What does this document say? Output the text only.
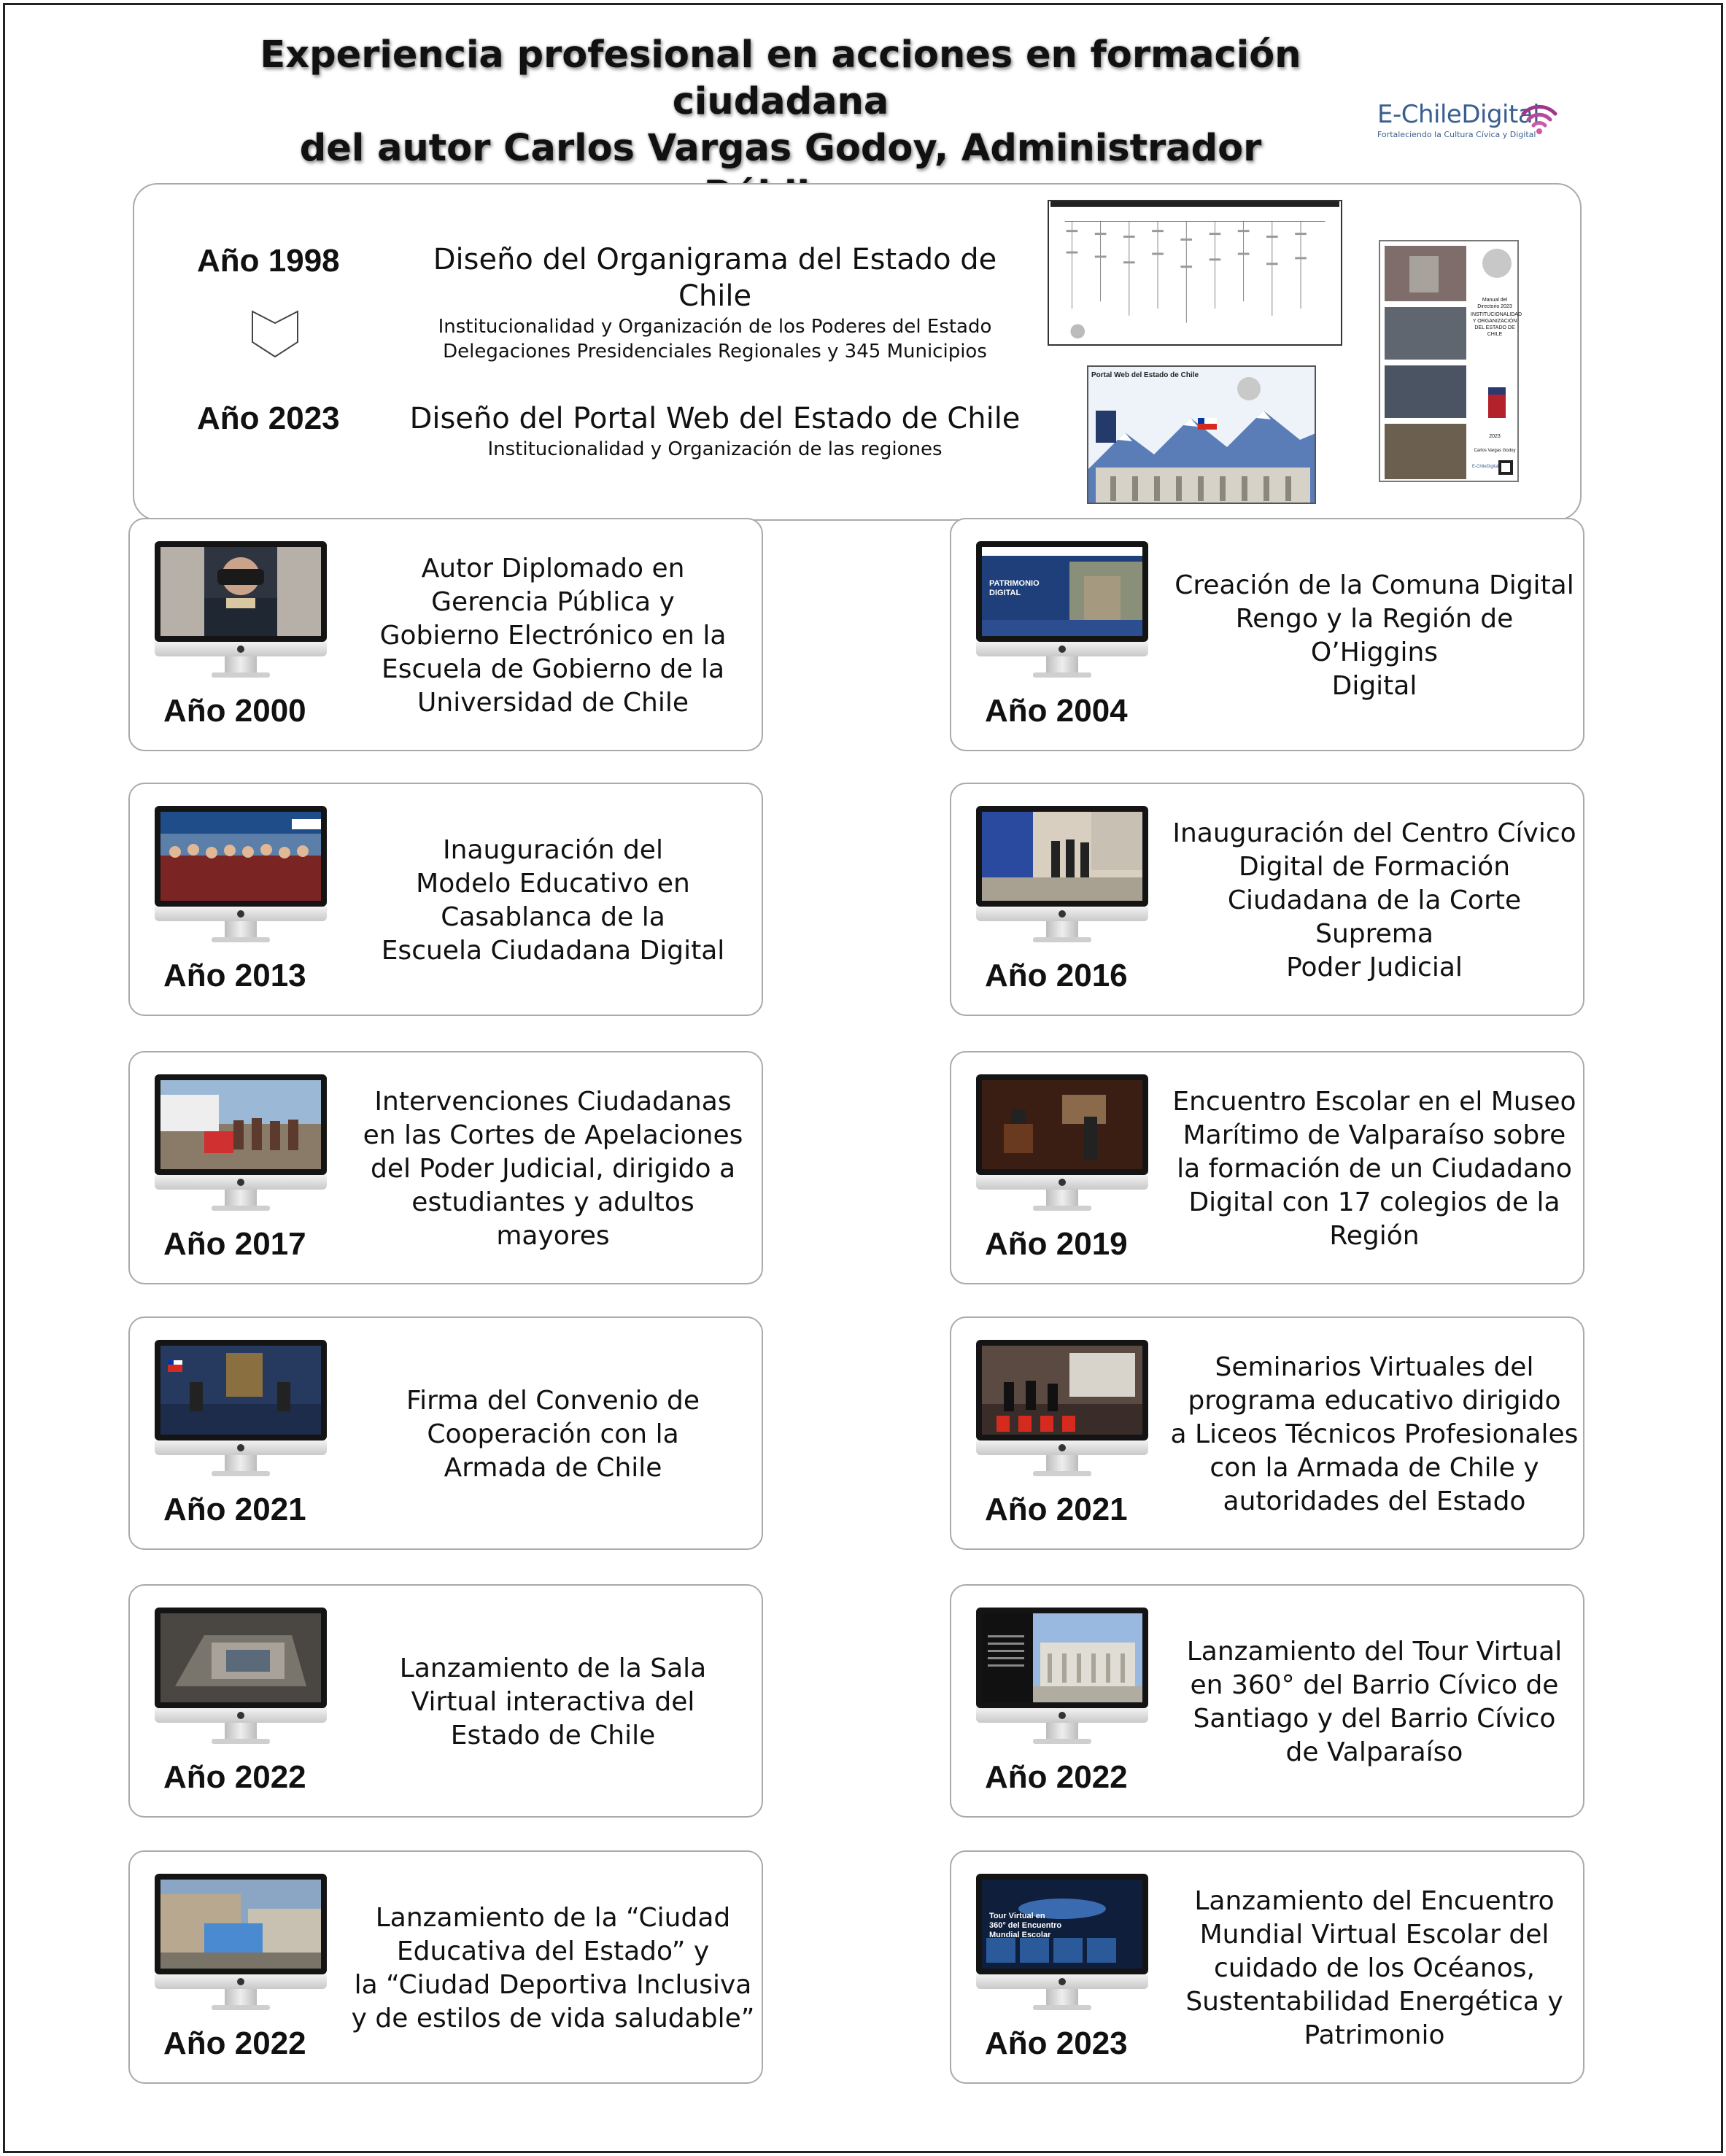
Experiencia profesional en acciones en formación ciudadana
del autor Carlos Vargas Godoy, Administrador
E-ChileDigital
Fortaleciendo la Cultura Cívica y Digital
Año 1998
Año 2023
Diseño del Organigrama del Estado de Chile
Institucionalidad y Organización de los Poderes del Estado
Delegaciones Presidenciales Regionales y 345 Municipios
Diseño del Portal Web del Estado de Chile
Institucionalidad y Organización de las regiones
Portal Web del Estado de Chile
Manual del Directorio 2023
INSTITUCIONALIDAD Y ORGANIZACIÓN DEL ESTADO DE CHILE
2023
Carlos Vargas Godoy
E-ChileDigital
Año 2000
Autor Diplomado en
Gerencia Pública y
Gobierno Electrónico en la
Escuela de Gobierno de la
Universidad de Chile
PATRIMONIO DIGITAL
Año 2004
Creación de la Comuna Digital
Rengo y la Región de O’Higgins
Digital
Año 2013
Inauguración del
Modelo Educativo en
Casablanca de la
Escuela Ciudadana Digital
Año 2016
Inauguración del Centro Cívico
Digital de Formación
Ciudadana de la Corte Suprema
Poder Judicial
Año 2017
Intervenciones Ciudadanas
en las Cortes de Apelaciones
del Poder Judicial, dirigido a
estudiantes y adultos
mayores	Año 2019
Encuentro Escolar en el Museo
Marítimo de Valparaíso sobre
la formación de un Ciudadano
Digital con 17 colegios de la
Región
Año 2021
Firma del Convenio de
Cooperación con la
Armada de Chile
Año 2021
Seminarios Virtuales del
programa educativo dirigido
a Liceos Técnicos Profesionales
con la Armada de Chile y
autoridades del Estado
Año 2022
Lanzamiento de la Sala
Virtual interactiva del
Estado de Chile
Año 2022
Lanzamiento del Tour Virtual
en 360° del Barrio Cívico de
Santiago y del Barrio Cívico
de Valparaíso
Año 2022
Lanzamiento de la “Ciudad
Educativa del Estado” y
la “Ciudad Deportiva Inclusiva
y de estilos de vida saludable”
Tour Virtual en 360° del Encuentro Mundial Escolar
Año 2023
Lanzamiento del Encuentro
Mundial Virtual Escolar del
cuidado de los Océanos,
Sustentabilidad Energética y
Patrimonio
